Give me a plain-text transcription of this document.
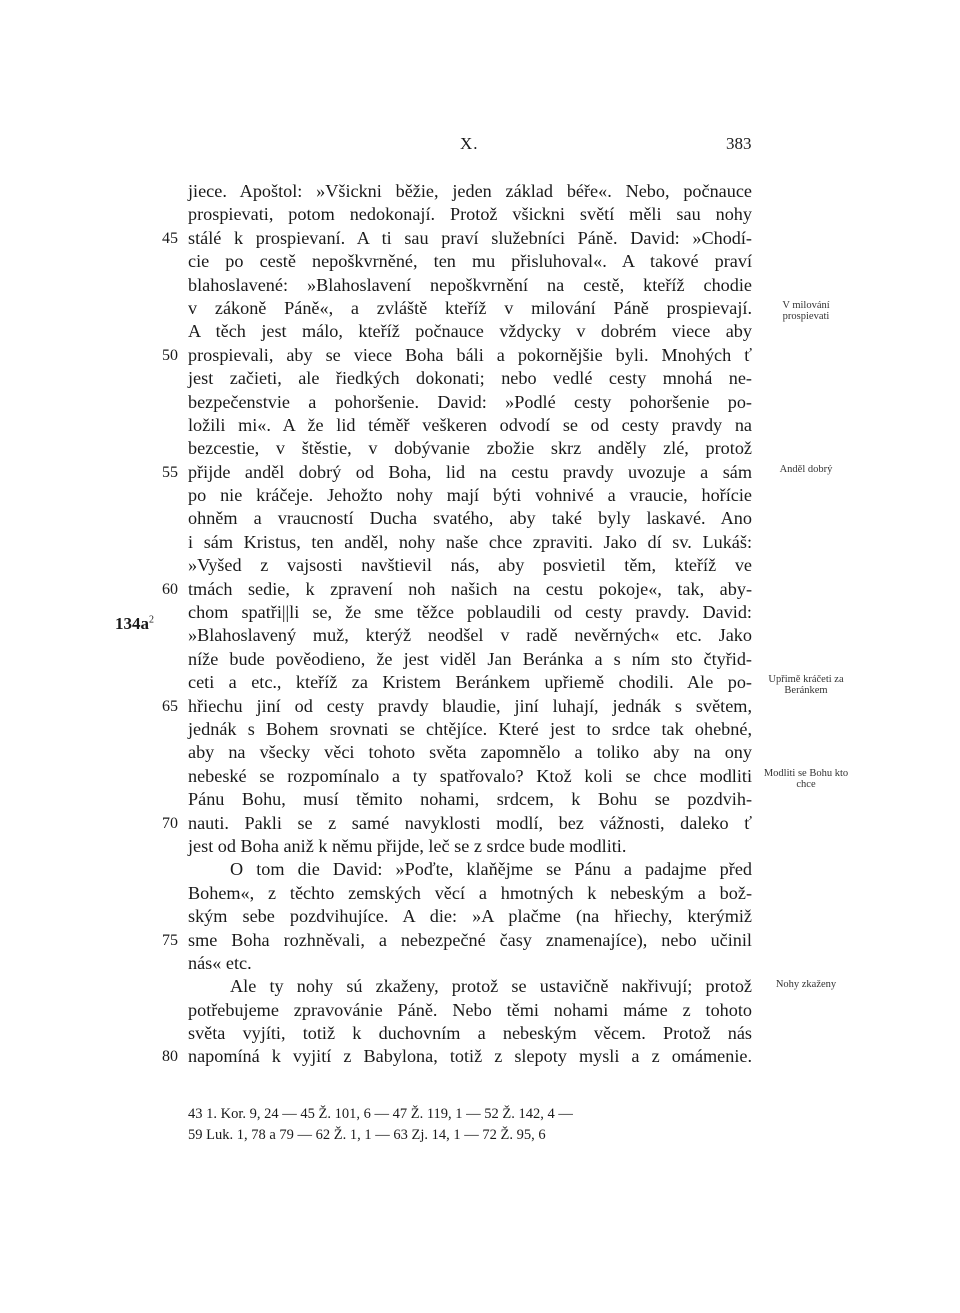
X.	383
$134a^2$
jiece. Apoštol: »Všickni běžie, jeden základ béře«. Nebo, počnauce
prospievati, potom nedokonají. Protož všickni světí měli sau nohy
45 stálé k prospievaní. A ti sau praví služebníci Páně. David: »Chodí-
cie po cestě nepoškvrněné, ten mu přisluhoval«. A takové praví
blahoslavené: »Blahoslavení nepoškvrnění na cestě, kteříž chodie
v zákoně Páně«, a zvláště kteříž v milování Páně prospievají.
A těch jest málo, kteříž počnauce vždycky v dobrém viece aby
50 prospievali, aby se viece Boha báli a pokornějšie byli. Mnohých ť
jest začieti, ale řiedkých dokonati; nebo vedlé cesty mnohá ne-
bezpečenstvie a pohoršenie. David: »Podlé cesty pohoršenie po-
ložili mi«. A že lid téměř veškeren odvodí se od cesty pravdy na
bezcestie, v štěstie, v dobývanie zbožie skrz anděly zlé, protož
55 přijde anděl dobrý od Boha, lid na cestu pravdy uvozuje a sám
po nie kráčeje. Jehožto nohy mají býti vohnivé a vraucie, hořície
ohněm a vraucností Ducha svatého, aby také byly laskavé. Ano
i sám Kristus, ten anděl, nohy naše chce zpraviti. Jako dí sv. Lukáš:
»Vyšed z vajsosti navštievil nás, aby posvietil těm, kteříž ve
60 tmách sedie, k zpravení noh našich na cestu pokoje«, tak, aby-
chom spatři||li se, že sme těžce poblaudili od cesty pravdy. David:
»Blahoslavený muž, kterýž neodšel v radě nevěrných« etc. Jako
níže bude pověodieno, že jest viděl Jan Beránka a s ním sto čtyřid-
ceti a etc., kteříž za Kristem Beránkem upřiemě chodili. Ale po-
65 hřiechu jiní od cesty pravdy blaudie, jiní luhají, jednák s světem,
jednák s Bohem srovnati se chtějíce. Které jest to srdce tak ohebné,
aby na všecky věci tohoto světa zapomnělo a toliko aby na ony
nebeské se rozpomínalo a ty spatřovalo? Ktož koli se chce modliti
Pánu Bohu, musí těmito nohami, srdcem, k Bohu se pozdvih-
70 nauti. Pakli se z samé navyklosti modlí, bez vážnosti, daleko ť
jest od Boha aniž k němu přijde, leč se z srdce bude modliti.
O tom die David: »Poďte, klaňějme se Pánu a padajme před
Bohem«, z těchto zemských věcí a hmotných k nebeským a bož-
ským sebe pozdvihujíce. A die: »A plačme (na hřiechy, kterýmiž
75 sme Boha rozhněvali, a nebezpečné časy znamenajíce), nebo učinil
nás« etc.
Ale ty nohy sú zkaženy, protož se ustavičně nakřivují; protož
potřebujeme zpravovánie Páně. Nebo těmi nohami máme z tohoto
světa vyjíti, totiž k duchovním a nebeským věcem. Protož nás
80 napomíná k vyjití z Babylona, totiž z slepoty mysli a z omámenie.
V milování prospievati
Anděl dobrý
Upřimě kráčeti za Beránkem
Modliti se Bohu kto chce
Nohy zkaženy
43 1. Kor. 9, 24 — 45 Ž. 101, 6 — 47 Ž. 119, 1 — 52 Ž. 142, 4 —
59 Luk. 1, 78 a 79 — 62 Ž. 1, 1 — 63 Zj. 14, 1 — 72 Ž. 95, 6
